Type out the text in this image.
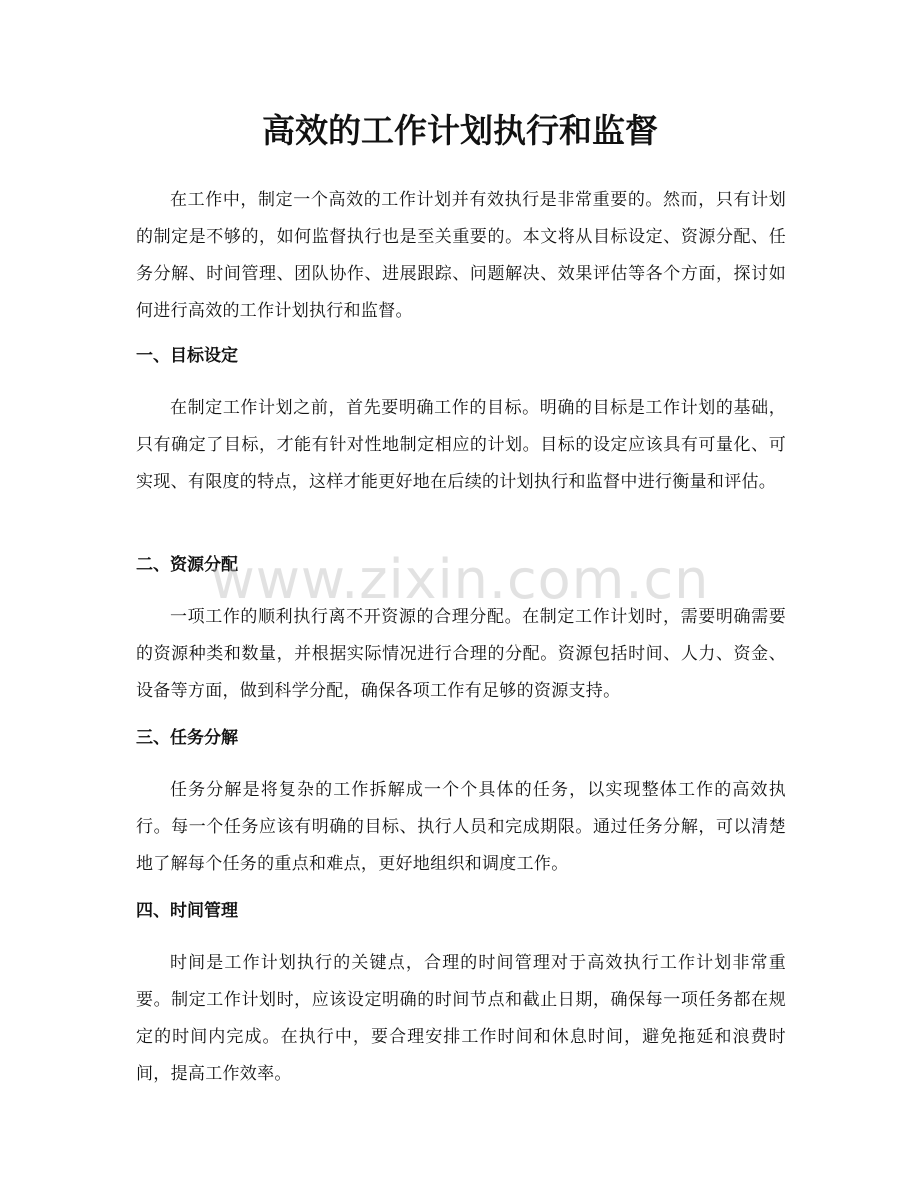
高效的工作计划执行和监督

在工作中，制定一个高效的工作计划并有效执行是非常重要的。然而，只有计划的制定是不够的，如何监督执行也是至关重要的。本文将从目标设定、资源分配、任务分解、时间管理、团队协作、进展跟踪、问题解决、效果评估等各个方面，探讨如何进行高效的工作计划执行和监督。

一、目标设定

在制定工作计划之前，首先要明确工作的目标。明确的目标是工作计划的基础，只有确定了目标，才能有针对性地制定相应的计划。目标的设定应该具有可量化、可实现、有限度的特点，这样才能更好地在后续的计划执行和监督中进行衡量和评估。

二、资源分配

一项工作的顺利执行离不开资源的合理分配。在制定工作计划时，需要明确需要的资源种类和数量，并根据实际情况进行合理的分配。资源包括时间、人力、资金、设备等方面，做到科学分配，确保各项工作有足够的资源支持。

三、任务分解

任务分解是将复杂的工作拆解成一个个具体的任务，以实现整体工作的高效执行。每一个任务应该有明确的目标、执行人员和完成期限。通过任务分解，可以清楚地了解每个任务的重点和难点，更好地组织和调度工作。

四、时间管理

时间是工作计划执行的关键点，合理的时间管理对于高效执行工作计划非常重要。制定工作计划时，应该设定明确的时间节点和截止日期，确保每一项任务都在规定的时间内完成。在执行中，要合理安排工作时间和休息时间，避免拖延和浪费时间，提高工作效率。

www.zixin.com.cn
